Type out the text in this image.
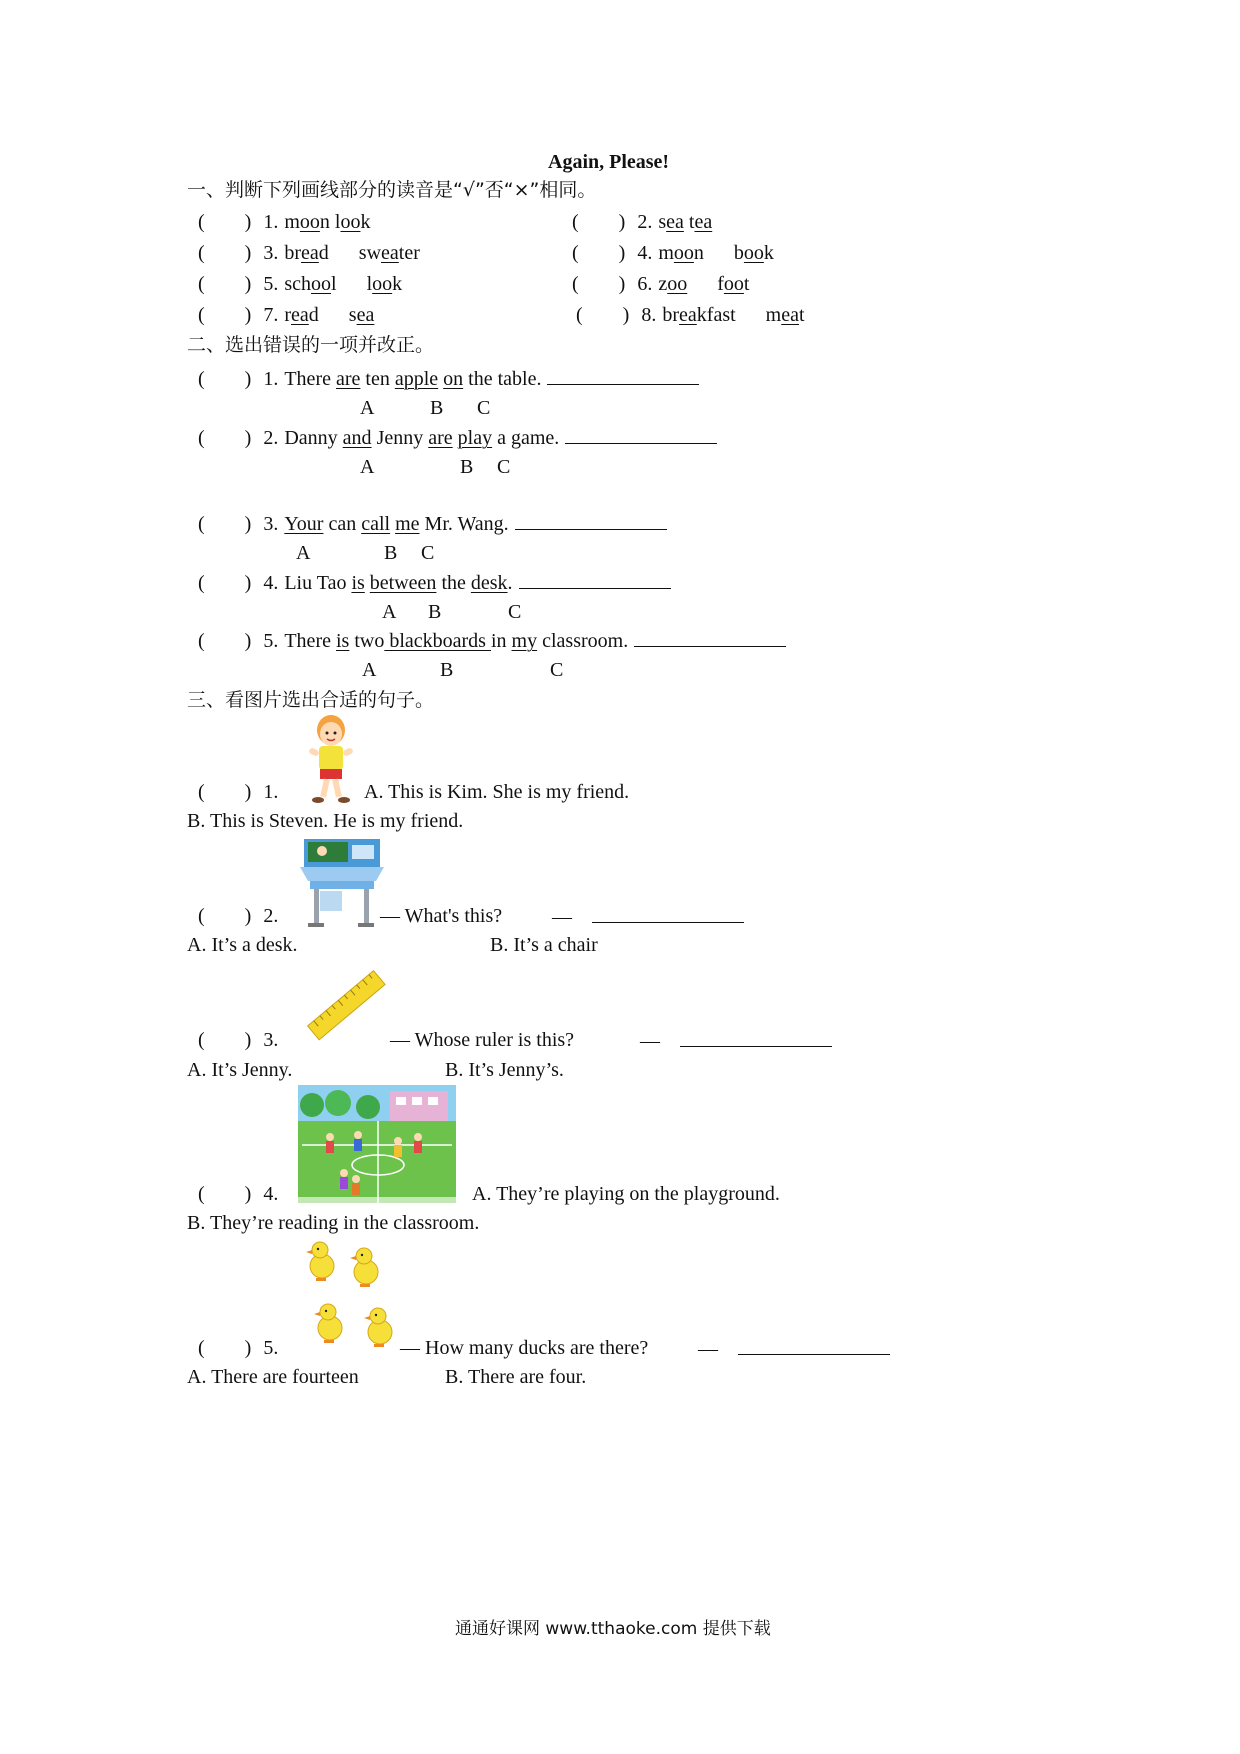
Again, Please!
一、判断下列画线部分的读音是“√”否“×”相同。
( ) 1. moon look	( ) 2. sea tea
( ) 3. bread sweater	( ) 4. moon book
( ) 5. school look	( ) 6. zoo foot
( ) 7. read sea	( ) 8. breakfast meat
二、选出错误的一项并改正。
( ) 1. There are ten apple on the table.
A	B C
( ) 2. Danny and Jenny are play a game.
A	B C
( ) 3. Your can call me Mr. Wang.
A	B C
( ) 4. Liu Tao is between the desk.
A B	C
( ) 5. There is two blackboards in my classroom.
A	B	C
三、看图片选出合适的句子。
( ) 1.	A. This is Kim. She is my friend.
B. This is Steven. He is my friend.
( ) 2.	— What's this? —
A. It’s a desk.	B. It’s a chair
( ) 3.	— Whose ruler is this?	—
A. It’s Jenny.	B. It’s Jenny’s.
( ) 4.	A. They’re playing on the playground.
B. They’re reading in the classroom.
( ) 5.	— How many ducks are there? —
A. There are fourteen	B. There are four.
通通好课网 www.tthaoke.com 提供下载
